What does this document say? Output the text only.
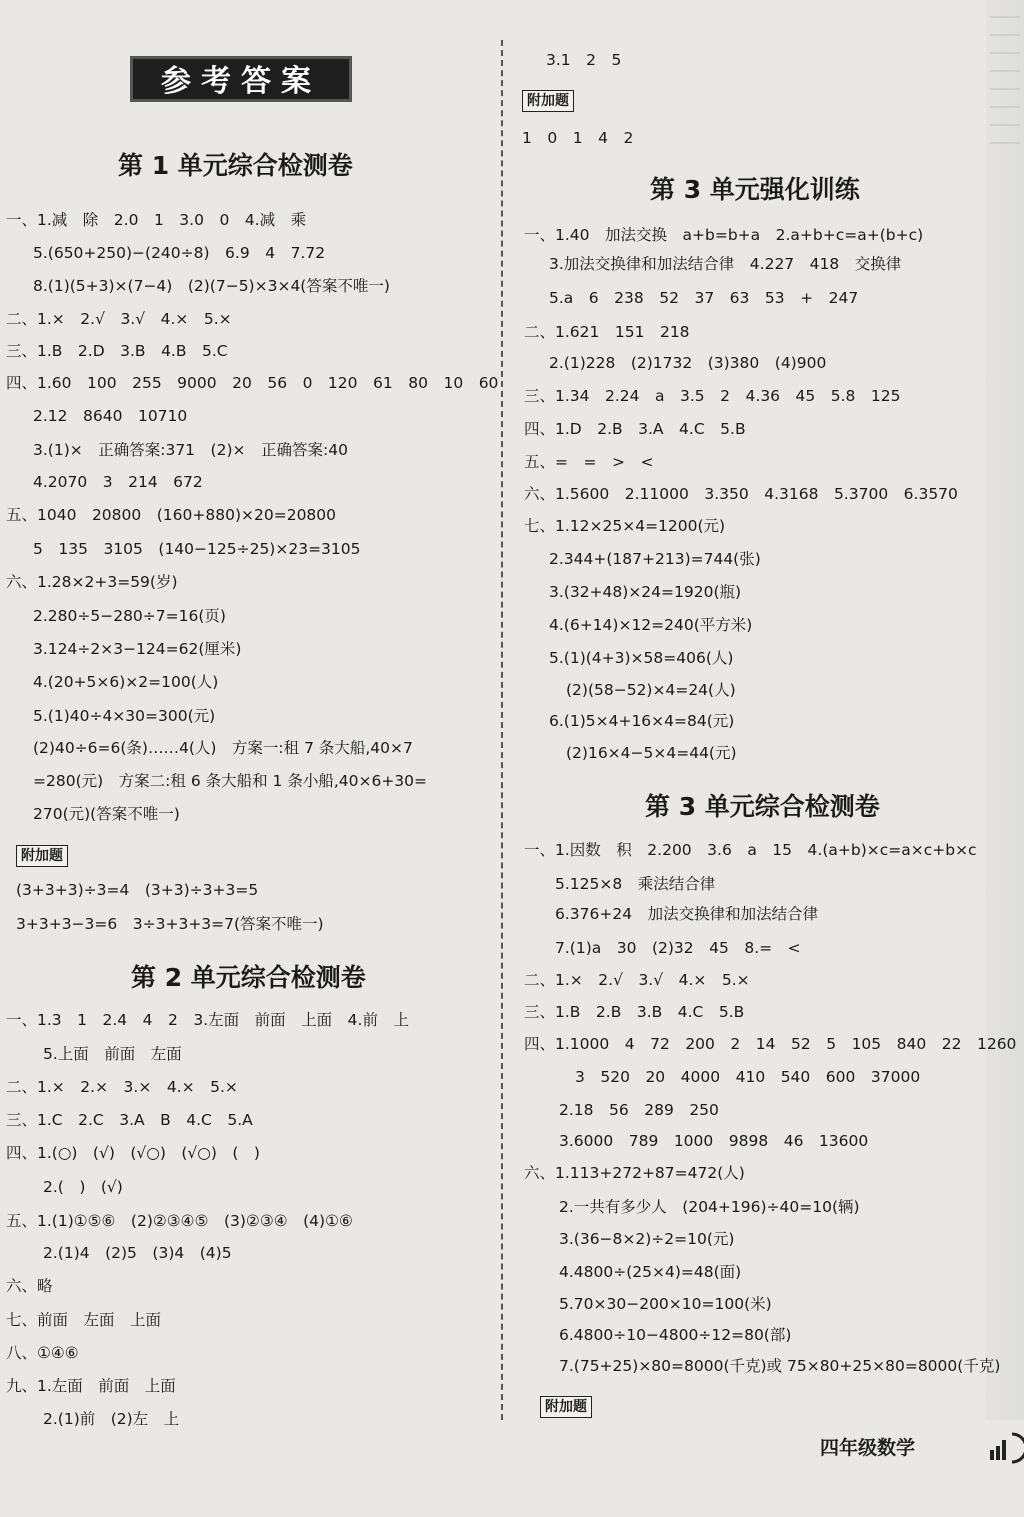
参考答案
第 1 单元综合检测卷
一、1.减　除　2.0　1　3.0　0　4.减　乘
5.(650+250)−(240÷8)　6.9　4　7.72
8.(1)(5+3)×(7−4)　(2)(7−5)×3×4(答案不唯一)
二、1.×　2.√　3.√　4.×　5.×
三、1.B　2.D　3.B　4.B　5.C
四、1.60　100　255　9000　20　56　0　120　61　80　10　60
2.12　8640　10710
3.(1)×　正确答案:371　(2)×　正确答案:40
4.2070　3　214　672
五、1040　20800　(160+880)×20=20800
5　135　3105　(140−125÷25)×23=3105
六、1.28×2+3=59(岁)
2.280÷5−280÷7=16(页)
3.124÷2×3−124=62(厘米)
4.(20+5×6)×2=100(人)
5.(1)40÷4×30=300(元)
(2)40÷6=6(条)……4(人)　方案一:租 7 条大船,40×7
=280(元)　方案二:租 6 条大船和 1 条小船,40×6+30=
270(元)(答案不唯一)
附加题
(3+3+3)÷3=4　(3+3)÷3+3=5
3+3+3−3=6　3÷3+3+3=7(答案不唯一)
第 2 单元综合检测卷
一、1.3　1　2.4　4　2　3.左面　前面　上面　4.前　上
5.上面　前面　左面
二、1.×　2.×　3.×　4.×　5.×
三、1.C　2.C　3.A　B　4.C　5.A
四、1.(○)　(√)　(√○)　(√○)　(　)
2.(　)　(√)
五、1.(1)①⑤⑥　(2)②③④⑤　(3)②③④　(4)①⑥
2.(1)4　(2)5　(3)4　(4)5
六、略
七、前面　左面　上面
八、①④⑥
九、1.左面　前面　上面
2.(1)前　(2)左　上
3.1　2　5
附加题
1　0　1　4　2
第 3 单元强化训练
一、1.40　加法交换　a+b=b+a　2.a+b+c=a+(b+c)
3.加法交换律和加法结合律　4.227　418　交换律
5.a　6　238　52　37　63　53　+　247
二、1.621　151　218
2.(1)228　(2)1732　(3)380　(4)900
三、1.34　2.24　a　3.5　2　4.36　45　5.8　125
四、1.D　2.B　3.A　4.C　5.B
五、=　=　>　<
六、1.5600　2.11000　3.350　4.3168　5.3700　6.3570
七、1.12×25×4=1200(元)
2.344+(187+213)=744(张)
3.(32+48)×24=1920(瓶)
4.(6+14)×12=240(平方米)
5.(1)(4+3)×58=406(人)
(2)(58−52)×4=24(人)
6.(1)5×4+16×4=84(元)
(2)16×4−5×4=44(元)
第 3 单元综合检测卷
一、1.因数　积　2.200　3.6　a　15　4.(a+b)×c=a×c+b×c
5.125×8　乘法结合律
6.376+24　加法交换律和加法结合律
7.(1)a　30　(2)32　45　8.=　<
二、1.×　2.√　3.√　4.×　5.×
三、1.B　2.B　3.B　4.C　5.B
四、1.1000　4　72　200　2　14　52　5　105　840　22　1260
3　520　20　4000　410　540　600　37000
2.18　56　289　250
3.6000　789　1000　9898　46　13600
六、1.113+272+87=472(人)
2.一共有多少人　(204+196)÷40=10(辆)
3.(36−8×2)÷2=10(元)
4.4800÷(25×4)=48(面)
5.70×30−200×10=100(米)
6.4800÷10−4800÷12=80(部)
7.(75+25)×80=8000(千克)或 75×80+25×80=8000(千克)
附加题
四年级数学
